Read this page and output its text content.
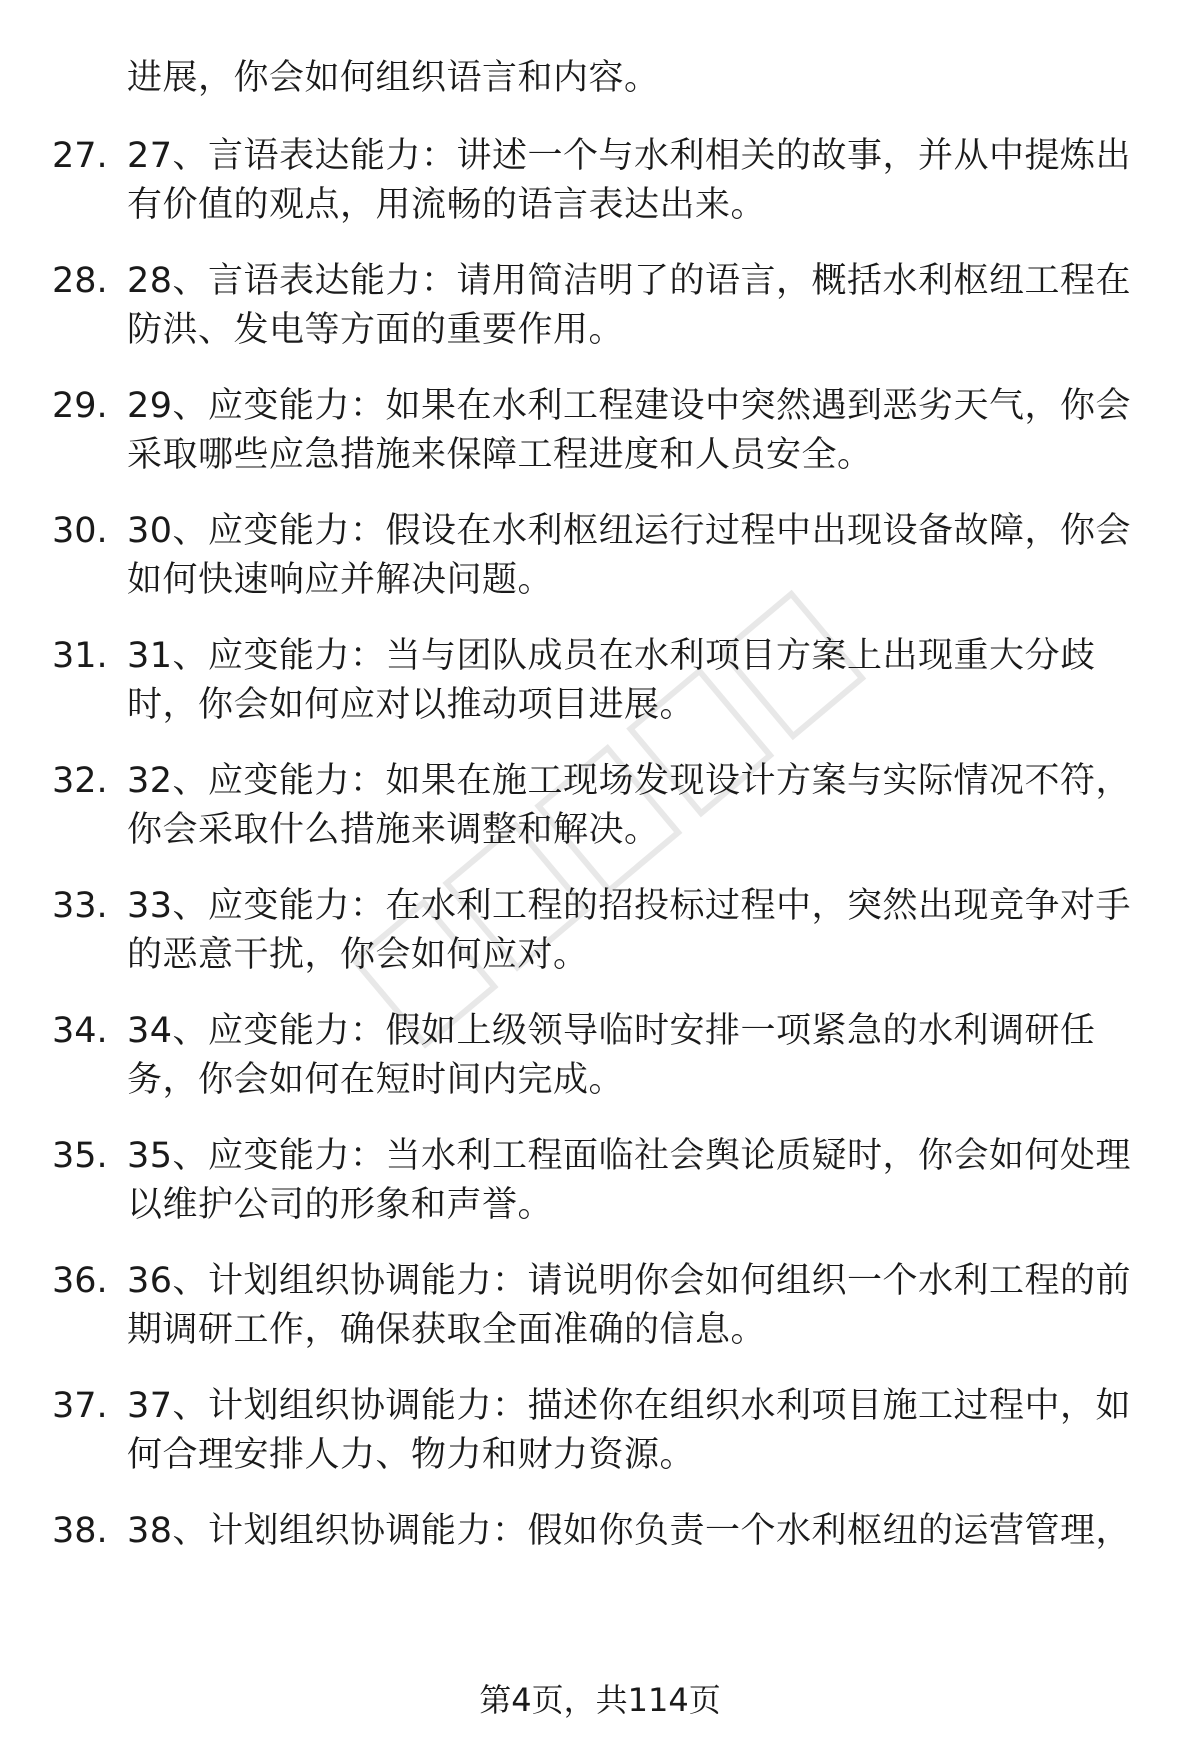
进展，你会如何组织语言和内容。
27. 27、言语表达能力：讲述一个与水利相关的故事，并从中提炼出
有价值的观点，用流畅的语言表达出来。
28. 28、言语表达能力：请用简洁明了的语言，概括水利枢纽工程在
防洪、发电等方面的重要作用。
29. 29、应变能力：如果在水利工程建设中突然遇到恶劣天气，你会
采取哪些应急措施来保障工程进度和人员安全。
30. 30、应变能力：假设在水利枢纽运行过程中出现设备故障，你会
如何快速响应并解决问题。
31. 31、应变能力：当与团队成员在水利项目方案上出现重大分歧
时，你会如何应对以推动项目进展。
32. 32、应变能力：如果在施工现场发现设计方案与实际情况不符，
你会采取什么措施来调整和解决。
33. 33、应变能力：在水利工程的招投标过程中，突然出现竞争对手
的恶意干扰，你会如何应对。
34. 34、应变能力：假如上级领导临时安排一项紧急的水利调研任
务，你会如何在短时间内完成。
35. 35、应变能力：当水利工程面临社会舆论质疑时，你会如何处理
以维护公司的形象和声誉。
36. 36、计划组织协调能力：请说明你会如何组织一个水利工程的前
期调研工作，确保获取全面准确的信息。
37. 37、计划组织协调能力：描述你在组织水利项目施工过程中，如
何合理安排人力、物力和财力资源。
38. 38、计划组织协调能力：假如你负责一个水利枢纽的运营管理，
第4页，共114页
